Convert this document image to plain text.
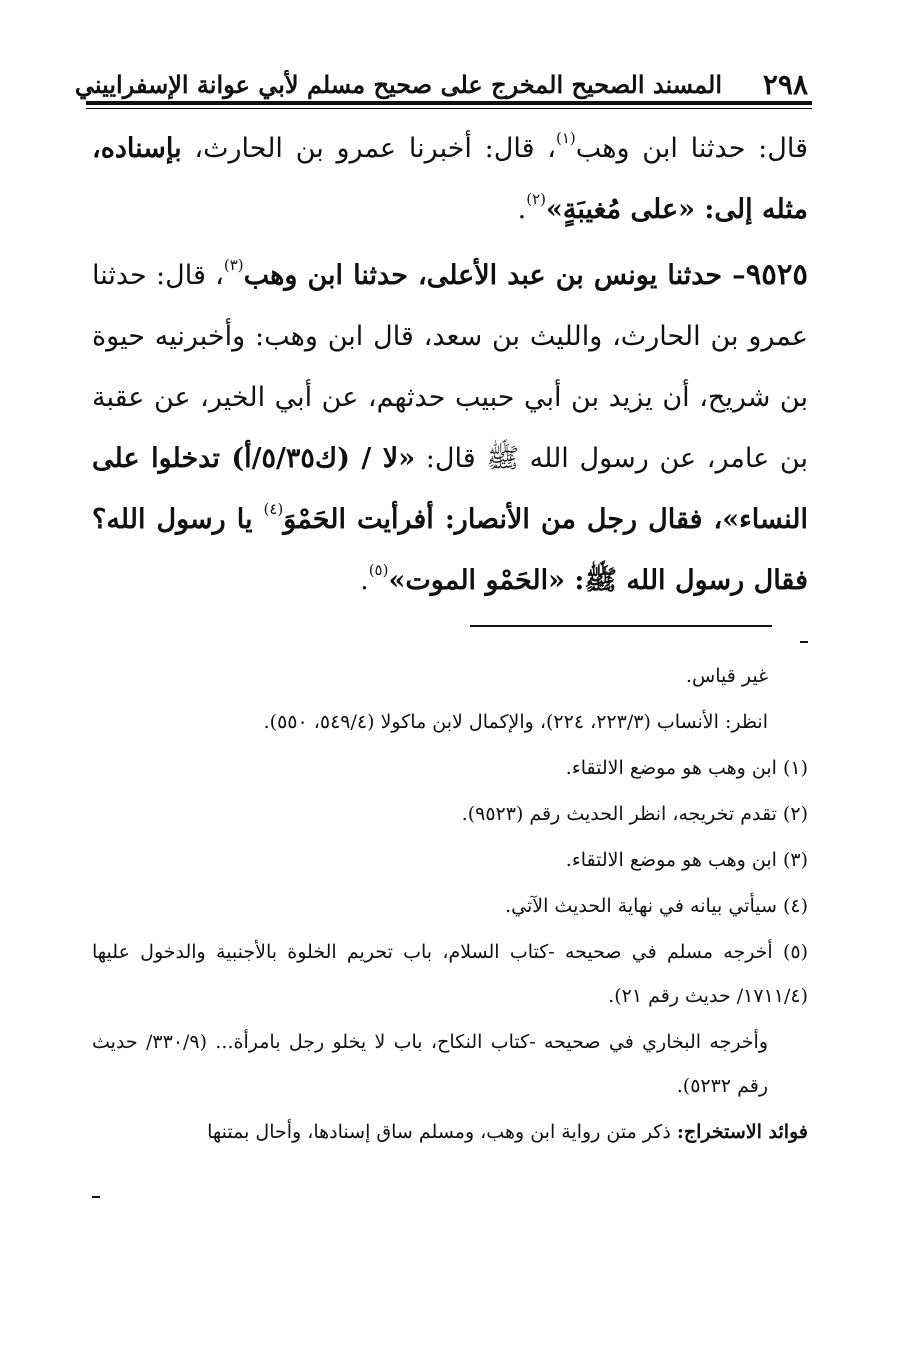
٢٩٨
المسند الصحيح المخرج على صحيح مسلم لأبي عوانة الإسفراييني

قال: حدثنا ابن وهب$^{(١)}$، قال: أخبرنا عمرو بن الحارث، بإسناده، مثله إلى: «على مُغيبَةٍ»$^{(٢)}$.

٩٥٢٥– حدثنا يونس بن عبد الأعلى، حدثنا ابن وهب$^{(٣)}$، قال: حدثنا عمرو بن الحارث، والليث بن سعد، قال ابن وهب: وأخبرنيه حيوة بن شريح، أن يزيد بن أبي حبيب حدثهم، عن أبي الخير، عن عقبة بن عامر، عن رسول الله ﷺ قال: «لا / (ك٥/٣٥/أ) تدخلوا على النساء»، فقال رجل من الأنصار: أفرأيت الحَمْوَ$^{(٤)}$ يا رسول الله؟ فقال رسول الله ﷺ: «الحَمْو الموت»$^{(٥)}$.

غير قياس.

انظر: الأنساب (٢٢٣/٣، ٢٢٤)، والإكمال لابن ماكولا (٥٤٩/٤، ٥٥٠).

(١) ابن وهب هو موضع الالتقاء.

(٢) تقدم تخريجه، انظر الحديث رقم (٩٥٢٣).

(٣) ابن وهب هو موضع الالتقاء.

(٤) سيأتي بيانه في نهاية الحديث الآتي.

(٥) أخرجه مسلم في صحيحه -كتاب السلام، باب تحريم الخلوة بالأجنبية والدخول عليها (١٧١١/٤/ حديث رقم ٢١).

وأخرجه البخاري في صحيحه -كتاب النكاح، باب لا يخلو رجل بامرأة... (٣٣٠/٩/ حديث رقم ٥٢٣٢).

فوائد الاستخراج: ذكر متن رواية ابن وهب، ومسلم ساق إسنادها، وأحال بمتنها
